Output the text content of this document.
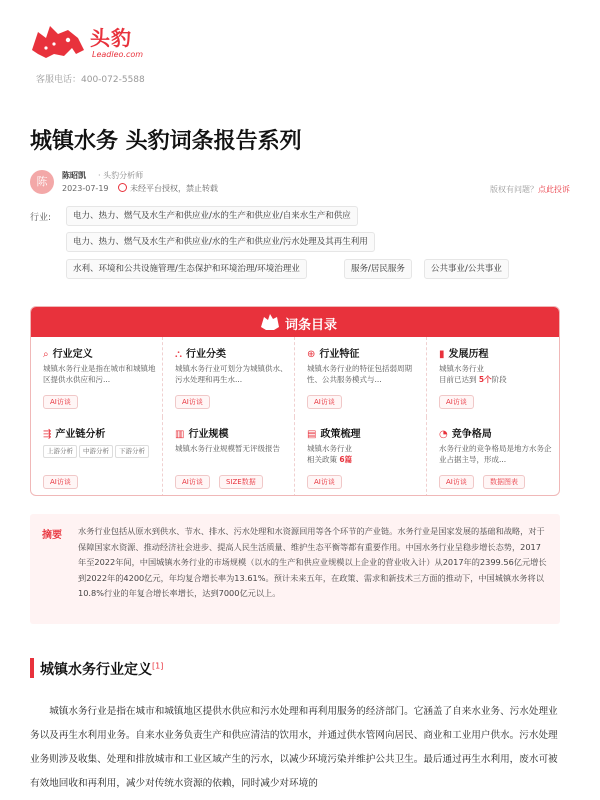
头豹
Leadleo.com
客服电话：400-072-5588
城镇水务 头豹词条报告系列
陈	陈昭凯 · 头豹分析师
2023-07-19	未经平台授权，禁止转载	版权有问题？点此投诉
行业:	电力、热力、燃气及水生产和供应业/水的生产和供应业/自来水生产和供应
电力、热力、燃气及水生产和供应业/水的生产和供应业/污水处理及其再生利用
水利、环境和公共设施管理/生态保护和环境治理/环境治理业	服务/居民服务	公共事业/公共事业
词条目录
⌕ 行业定义
城镇水务行业是指在城市和城镇地区提供水供应和污...
AI访谈
⛬ 行业分类
城镇水务行业可划分为城镇供水、污水处理和再生水...
AI访谈
⊕ 行业特征
城镇水务行业的特征包括弱周期性、公共服务模式与...
AI访谈
▮ 发展历程
城镇水务行业
目前已达到 5个阶段
AI访谈
⇶ 产业链分析
上游分析	中游分析	下游分析
AI访谈
▥ 行业规模
城镇水务行业规模暂无评级报告
AI访谈	SIZE数据
▤ 政策梳理
城镇水务行业
相关政策 6篇
AI访谈
◔ 竞争格局
水务行业的竞争格局是地方水务企业占据主导，形成...
AI访谈	数据图表
摘要 水务行业包括从原水到供水、节水、排水、污水处理和水资源回用等各个环节的产业链。水务行业是国家发展的基础和战略，对于保障国家水资源、推动经济社会进步、提高人民生活质量、维护生态平衡等都有重要作用。中国水务行业呈稳步增长态势，2017年至2022年间，中国城镇水务行业的市场规模（以水的生产和供应业规模以上企业的营业收入计）从2017年的2399.56亿元增长到2022年的4200亿元，年均复合增长率为13.61%。预计未来五年，在政策、需求和新技术三方面的推动下，中国城镇水务将以10.8%行业的年复合增长率增长，达到7000亿元以上。
城镇水务行业定义[1]

城镇水务行业是指在城市和城镇地区提供水供应和污水处理和再利用服务的经济部门。它涵盖了自来水业务、污水处理业务以及再生水利用业务。自来水业务负责生产和供应清洁的饮用水，并通过供水管网向居民、商业和工业用户供水。污水处理业务则涉及收集、处理和排放城市和工业区域产生的污水，以减少环境污染并维护公共卫生。最后通过再生水利用，废水可被有效地回收和再利用，减少对传统水资源的依赖，同时减少对环境的
